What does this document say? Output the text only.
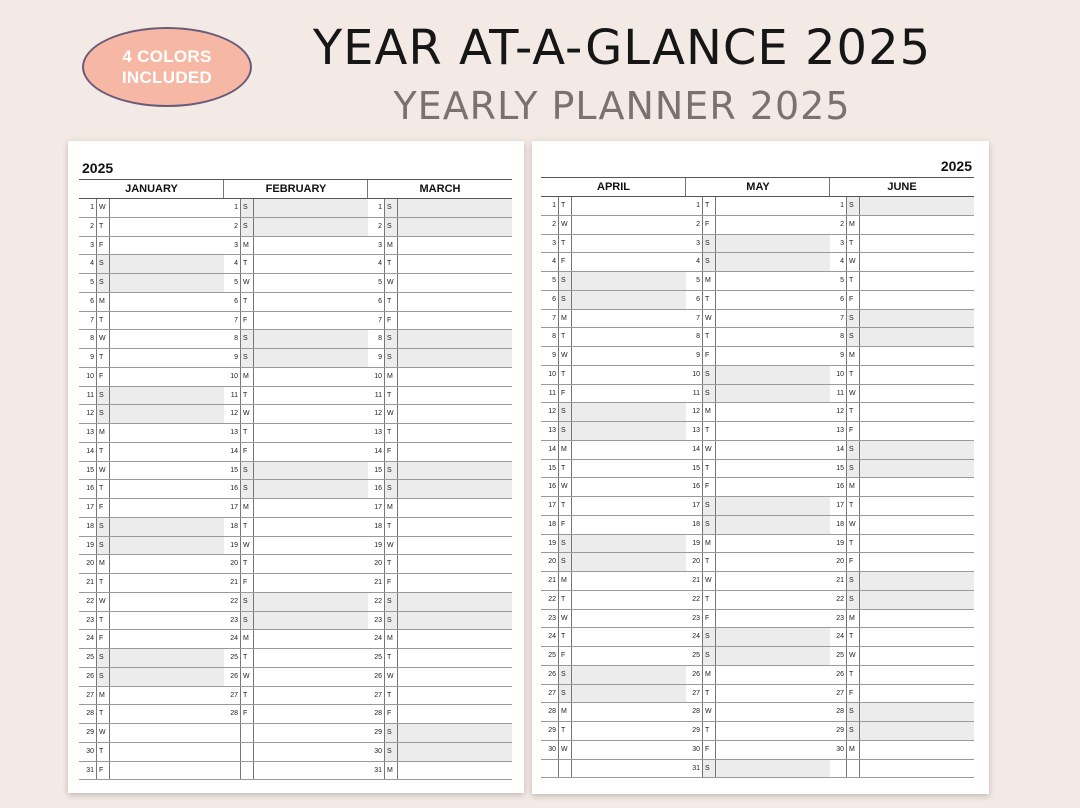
4 COLORS
INCLUDED
YEAR AT-A-GLANCE 2025
YEARLY PLANNER 2025
2025
JANUARY
1 W
2 T
3 F
4 S
5 S
6 M
7 T
8 W
9 T
10 F
11 S
12 S
13 M
14 T
15 W
16 T
17 F
18 S
19 S
20 M
21 T
22 W
23 T
24 F
25 S
26 S
27 M
28 T
29 W
30 T
31 F
FEBRUARY
1 S
2 S
3 M
4 T
5 W
6 T
7 F
8 S
9 S
10 M
11 T
12 W
13 T
14 F
15 S
16 S
17 M
18 T
19 W
20 T
21 F
22 S
23 S
24 M
25 T
26 W
27 T
28 F
MARCH
1 S
2 S
3 M
4 T
5 W
6 T
7 F
8 S
9 S
10 M
11 T
12 W
13 T
14 F
15 S
16 S
17 M
18 T
19 W
20 T
21 F
22 S
23 S
24 M
25 T
26 W
27 T
28 F
29 S
30 S
31 M
2025
APRIL
1 T
2 W
3 T
4 F
5 S
6 S
7 M
8 T
9 W
10 T
11 F
12 S
13 S
14 M
15 T
16 W
17 T
18 F
19 S
20 S
21 M
22 T
23 W
24 T
25 F
26 S
27 S
28 M
29 T
30 W
MAY
1 T
2 F
3 S
4 S
5 M
6 T
7 W
8 T
9 F
10 S
11 S
12 M
13 T
14 W
15 T
16 F
17 S
18 S
19 M
20 T
21 W
22 T
23 F
24 S
25 S
26 M
27 T
28 W
29 T
30 F
31 S
JUNE
1 S
2 M
3 T
4 W
5 T
6 F
7 S
8 S
9 M
10 T
11 W
12 T
13 F
14 S
15 S
16 M
17 T
18 W
19 T
20 F
21 S
22 S
23 M
24 T
25 W
26 T
27 F
28 S
29 S
30 M
